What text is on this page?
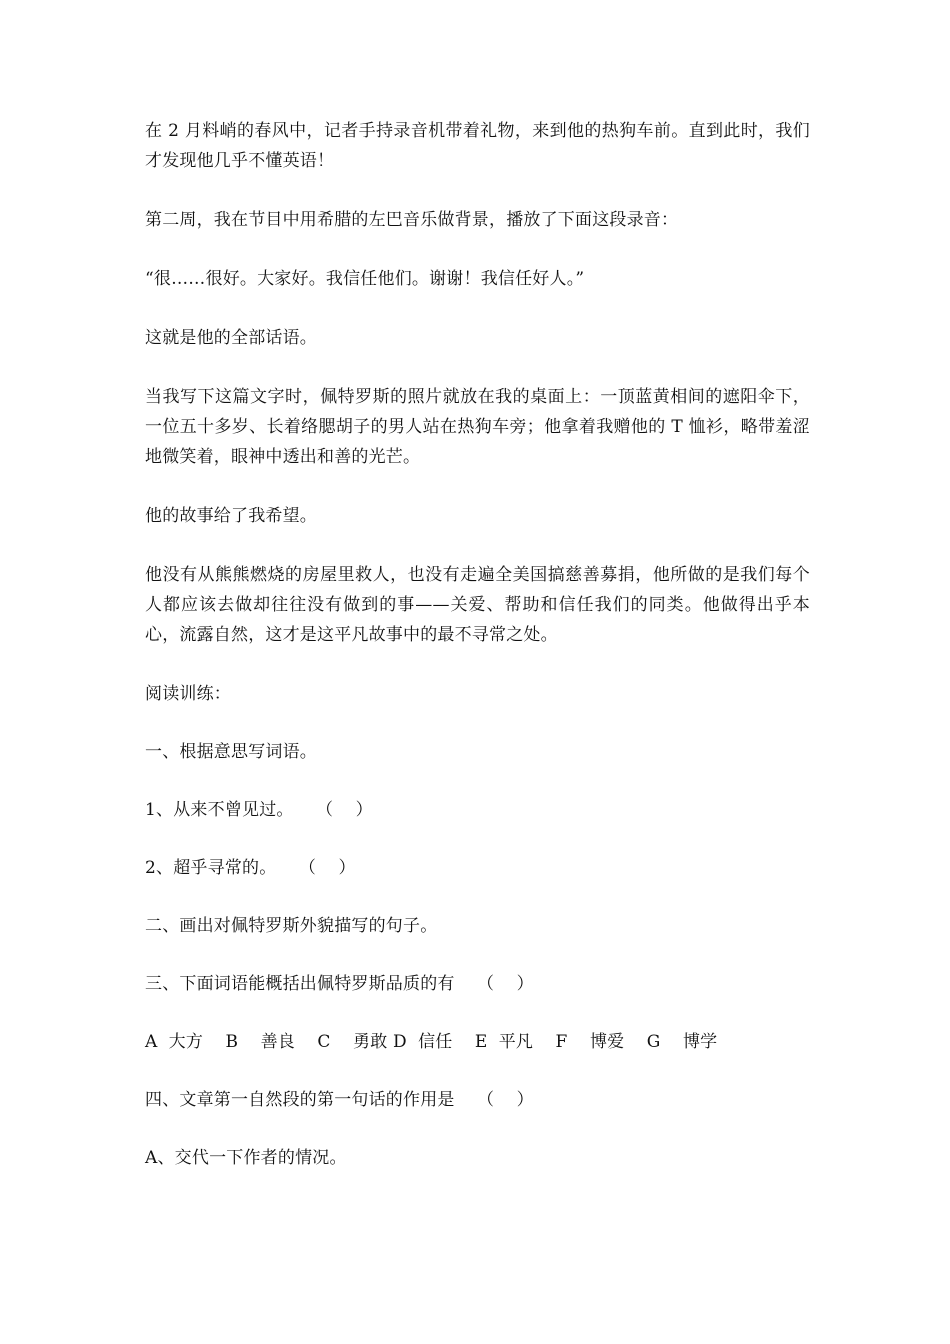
在 2 月料峭的春风中，记者手持录音机带着礼物，来到他的热狗车前。直到此时，我们才发现他几乎不懂英语！

第二周，我在节目中用希腊的左巴音乐做背景，播放了下面这段录音：

“很……很好。大家好。我信任他们。谢谢！我信任好人。”

这就是他的全部话语。

当我写下这篇文字时，佩特罗斯的照片就放在我的桌面上：一顶蓝黄相间的遮阳伞下，一位五十多岁、长着络腮胡子的男人站在热狗车旁；他拿着我赠他的 T 恤衫，略带羞涩地微笑着，眼神中透出和善的光芒。

他的故事给了我希望。

他没有从熊熊燃烧的房屋里救人，也没有走遍全美国搞慈善募捐，他所做的是我们每个人都应该去做却往往没有做到的事——关爱、帮助和信任我们的同类。他做得出乎本心，流露自然，这才是这平凡故事中的最不寻常之处。

阅读训练：

一、根据意思写词语。

1、从来不曾见过。    （    ）

2、超乎寻常的。    （    ）

二、画出对佩特罗斯外貌描写的句子。

三、下面词语能概括出佩特罗斯品质的有    （    ）

A  大方    B    善良    C    勇敢 D  信任    E  平凡    F    博爱    G    博学

四、文章第一自然段的第一句话的作用是    （    ）

A、交代一下作者的情况。
